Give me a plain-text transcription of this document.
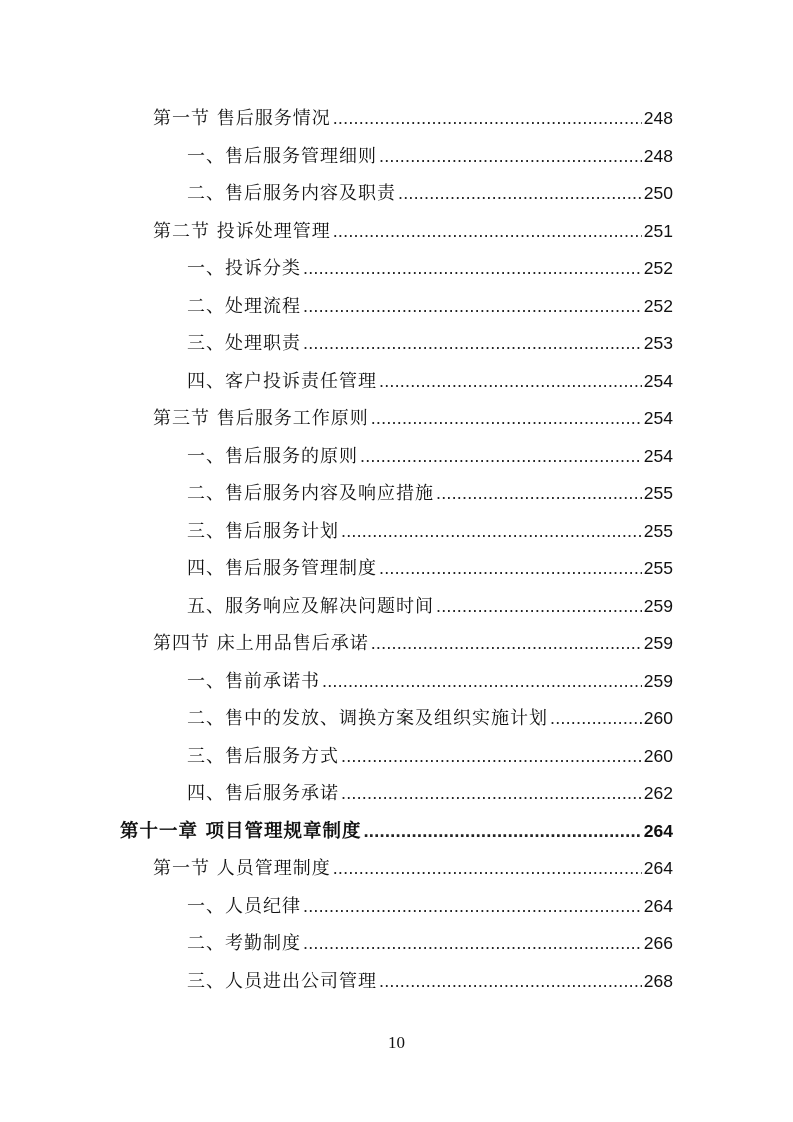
第一节 售后服务情况 .....	248
一、售后服务管理细则 .....	248
二、售后服务内容及职责 .....	250
第二节 投诉处理管理 .....	251
一、投诉分类 .....	252
二、处理流程 .....	252
三、处理职责 .....	253
四、客户投诉责任管理 .....	254
第三节 售后服务工作原则 .....	254
一、售后服务的原则 .....	254
二、售后服务内容及响应措施 .....	255
三、售后服务计划 .....	255
四、售后服务管理制度 .....	255
五、服务响应及解决问题时间 .....	259
第四节 床上用品售后承诺 .....	259
一、售前承诺书 .....	259
二、售中的发放、调换方案及组织实施计划 .....	260
三、售后服务方式 .....	260
四、售后服务承诺 .....	262
第十一章 项目管理规章制度 .....	264
第一节 人员管理制度 .....	264
一、人员纪律 .....	264
二、考勤制度 .....	266
三、人员进出公司管理 .....	268
10
